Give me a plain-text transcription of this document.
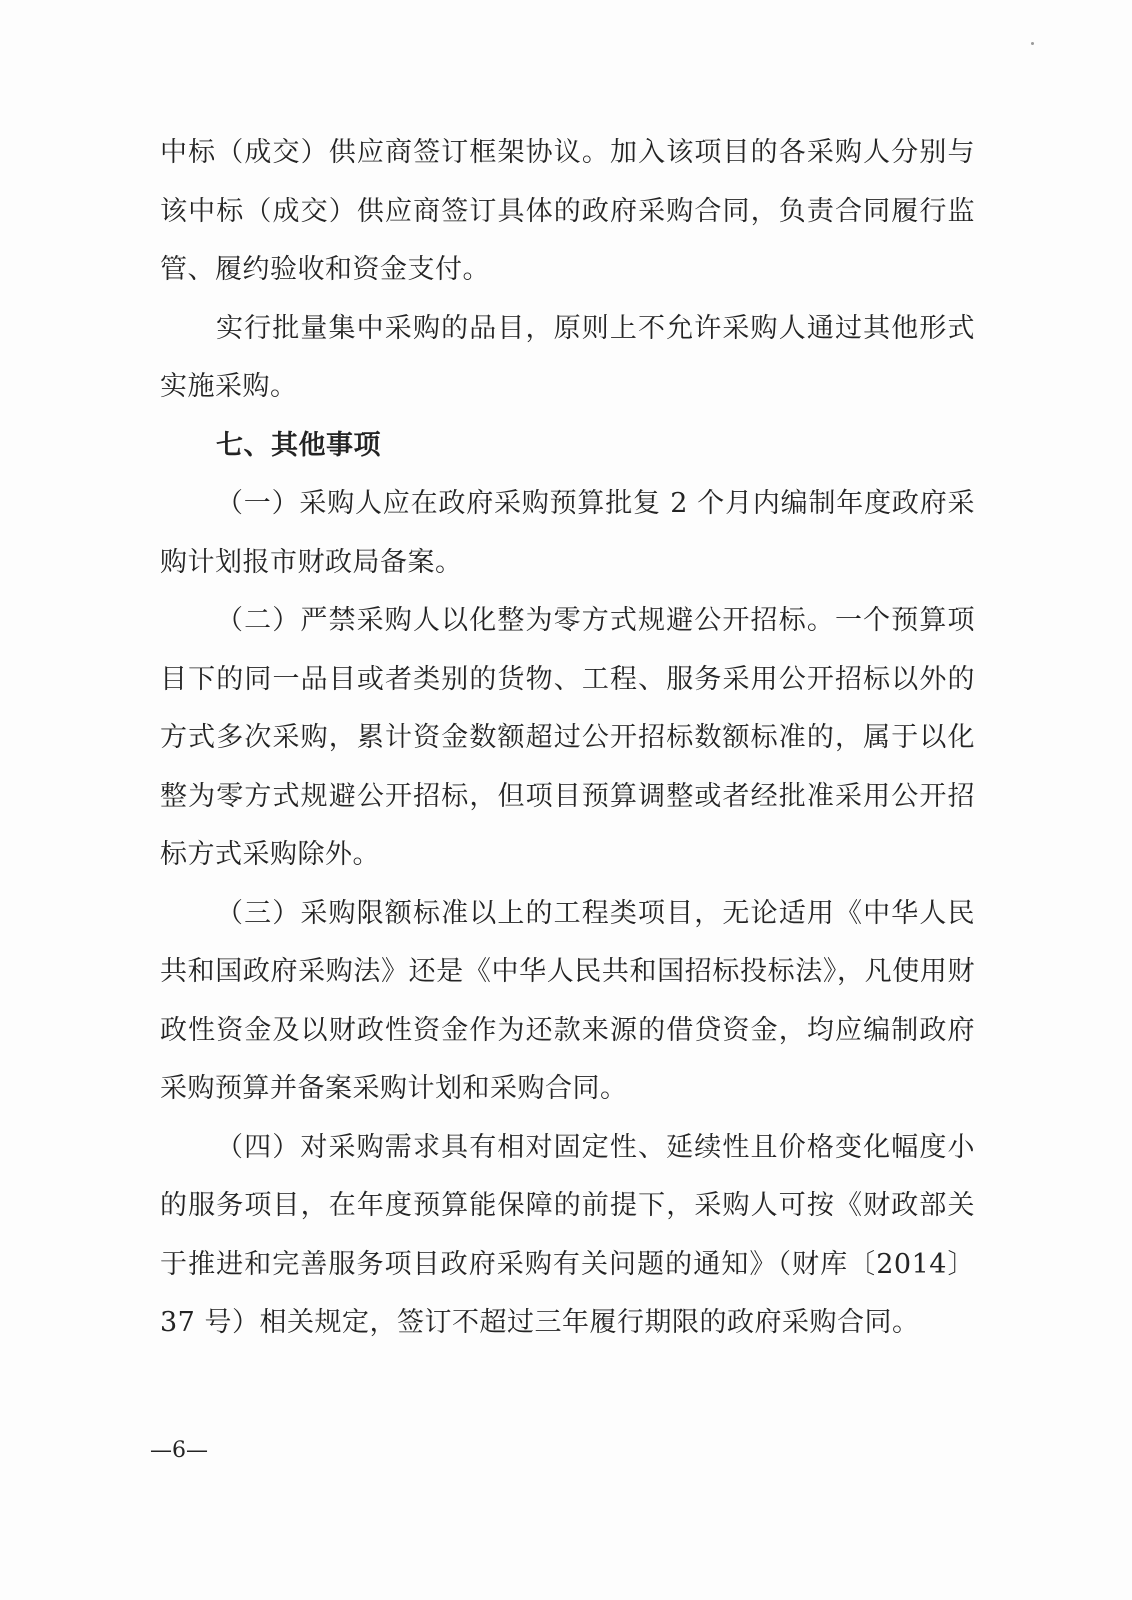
中标（成交）供应商签订框架协议。加入该项目的各采购人分别与该中标（成交）供应商签订具体的政府采购合同，负责合同履行监管、履约验收和资金支付。

实行批量集中采购的品目，原则上不允许采购人通过其他形式实施采购。

七、其他事项

（一）采购人应在政府采购预算批复 2 个月内编制年度政府采购计划报市财政局备案。

（二）严禁采购人以化整为零方式规避公开招标。一个预算项目下的同一品目或者类别的货物、工程、服务采用公开招标以外的方式多次采购，累计资金数额超过公开招标数额标准的，属于以化整为零方式规避公开招标，但项目预算调整或者经批准采用公开招标方式采购除外。

（三）采购限额标准以上的工程类项目，无论适用《中华人民共和国政府采购法》还是《中华人民共和国招标投标法》，凡使用财政性资金及以财政性资金作为还款来源的借贷资金，均应编制政府采购预算并备案采购计划和采购合同。

（四）对采购需求具有相对固定性、延续性且价格变化幅度小的服务项目，在年度预算能保障的前提下，采购人可按《财政部关于推进和完善服务项目政府采购有关问题的通知》（财库〔2014〕37 号）相关规定，签订不超过三年履行期限的政府采购合同。

—6—
